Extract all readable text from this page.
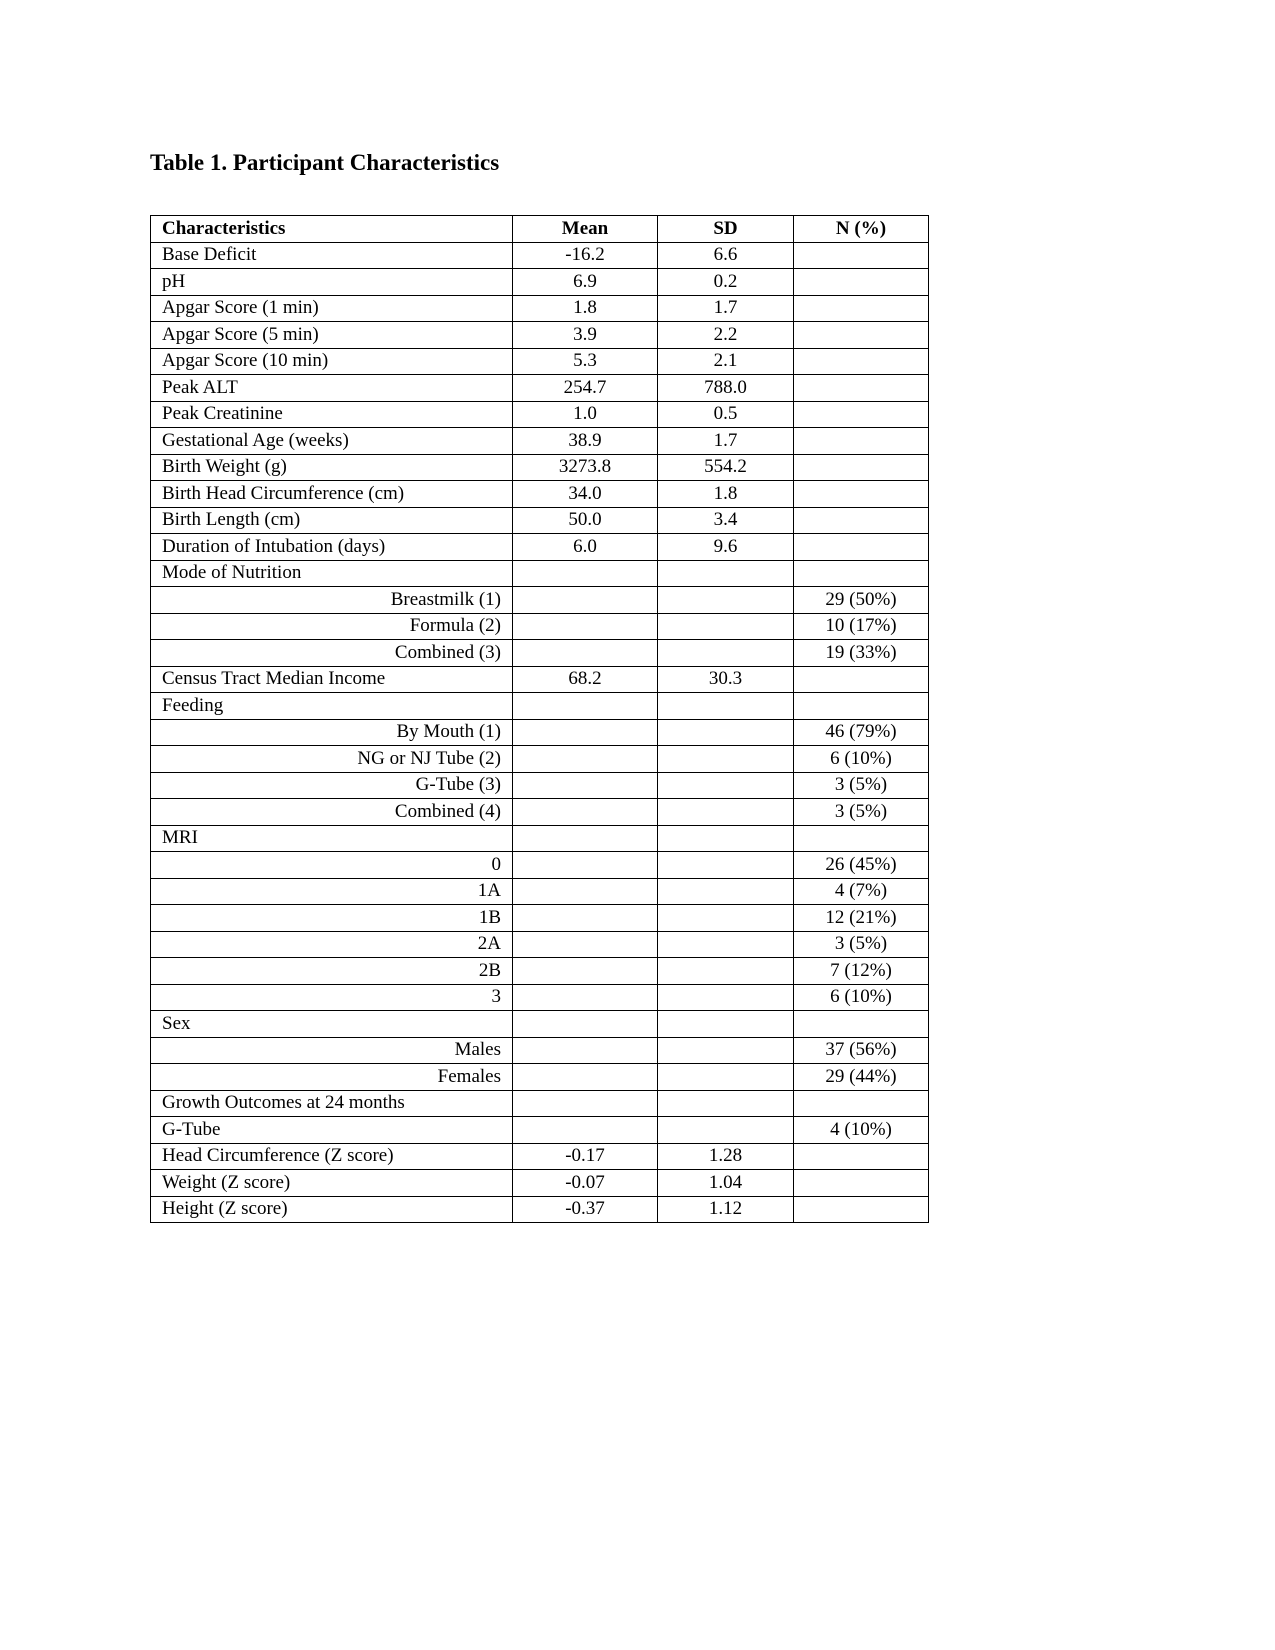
Table 1. Participant Characteristics
Characteristics	Mean	SD	N (%)
Base Deficit	-16.2	6.6	
pH	6.9	0.2	
Apgar Score (1 min)	1.8	1.7	
Apgar Score (5 min)	3.9	2.2	
Apgar Score (10 min)	5.3	2.1	
Peak ALT	254.7	788.0	
Peak Creatinine	1.0	0.5	
Gestational Age (weeks)	38.9	1.7	
Birth Weight (g)	3273.8	554.2	
Birth Head Circumference (cm)	34.0	1.8	
Birth Length (cm)	50.0	3.4	
Duration of Intubation (days)	6.0	9.6	
Mode of Nutrition			
Breastmilk (1)			29 (50%)
Formula (2)			10 (17%)
Combined (3)			19 (33%)
Census Tract Median Income	68.2	30.3	
Feeding			
By Mouth (1)			46 (79%)
NG or NJ Tube (2)			6 (10%)
G-Tube (3)			3 (5%)
Combined (4)			3 (5%)
MRI			
0			26 (45%)
1A			4 (7%)
1B			12 (21%)
2A			3 (5%)
2B			7 (12%)
3			6 (10%)
Sex			
Males			37 (56%)
Females			29 (44%)
Growth Outcomes at 24 months			
G-Tube			4 (10%)
Head Circumference (Z score)	-0.17	1.28	
Weight (Z score)	-0.07	1.04	
Height (Z score)	-0.37	1.12	
